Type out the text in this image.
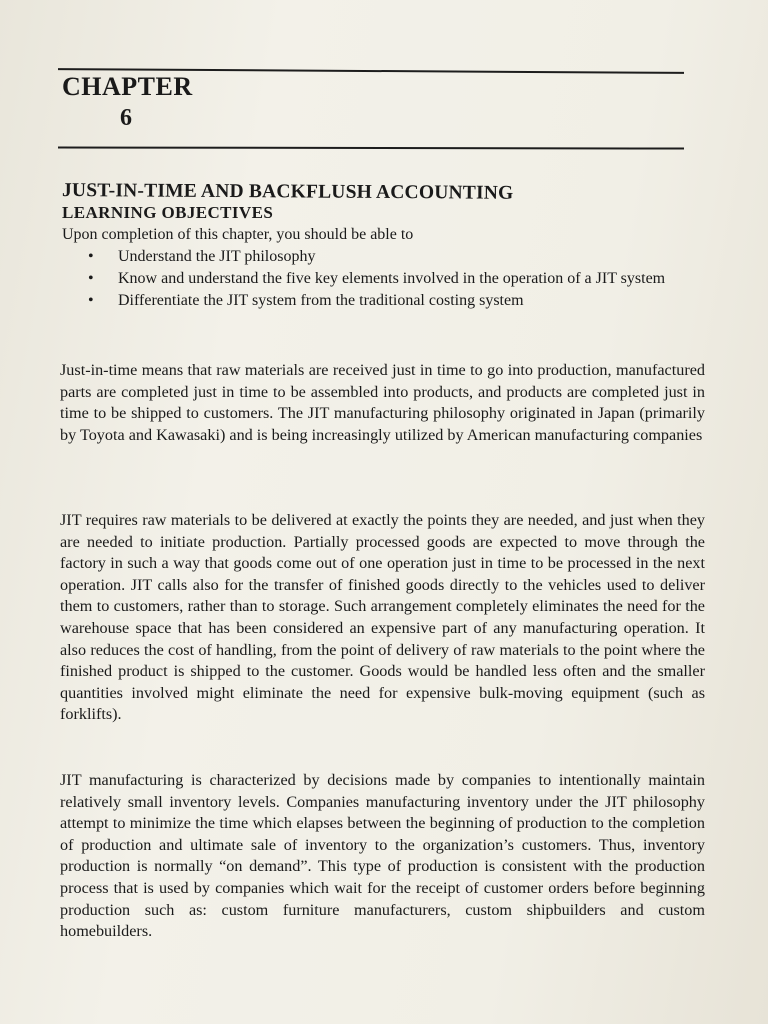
CHAPTER
6
JUST-IN-TIME AND BACKFLUSH ACCOUNTING
LEARNING OBJECTIVES
Upon completion of this chapter, you should be able to
• Understand the JIT philosophy
• Know and understand the five key elements involved in the operation of a JIT system
• Differentiate the JIT system from the traditional costing system

Just-in-time means that raw materials are received just in time to go into production, manufactured parts are completed just in time to be assembled into products, and products are completed just in time to be shipped to customers. The JIT manufacturing philosophy originated in Japan (primarily by Toyota and Kawasaki) and is being increasingly utilized by American manufacturing companies

JIT requires raw materials to be delivered at exactly the points they are needed, and just when they are needed to initiate production. Partially processed goods are expected to move through the factory in such a way that goods come out of one operation just in time to be processed in the next operation. JIT calls also for the transfer of finished goods directly to the vehicles used to deliver them to customers, rather than to storage. Such arrangement completely eliminates the need for the warehouse space that has been considered an expensive part of any manufacturing operation. It also reduces the cost of handling, from the point of delivery of raw materials to the point where the finished product is shipped to the customer. Goods would be handled less often and the smaller quantities involved might eliminate the need for expensive bulk-moving equipment (such as forklifts).

JIT manufacturing is characterized by decisions made by companies to intentionally maintain relatively small inventory levels. Companies manufacturing inventory under the JIT philosophy attempt to minimize the time which elapses between the beginning of production to the completion of production and ultimate sale of inventory to the organization’s customers. Thus, inventory production is normally “on demand”. This type of production is consistent with the production process that is used by companies which wait for the receipt of customer orders before beginning production such as: custom furniture manufacturers, custom shipbuilders and custom homebuilders.
